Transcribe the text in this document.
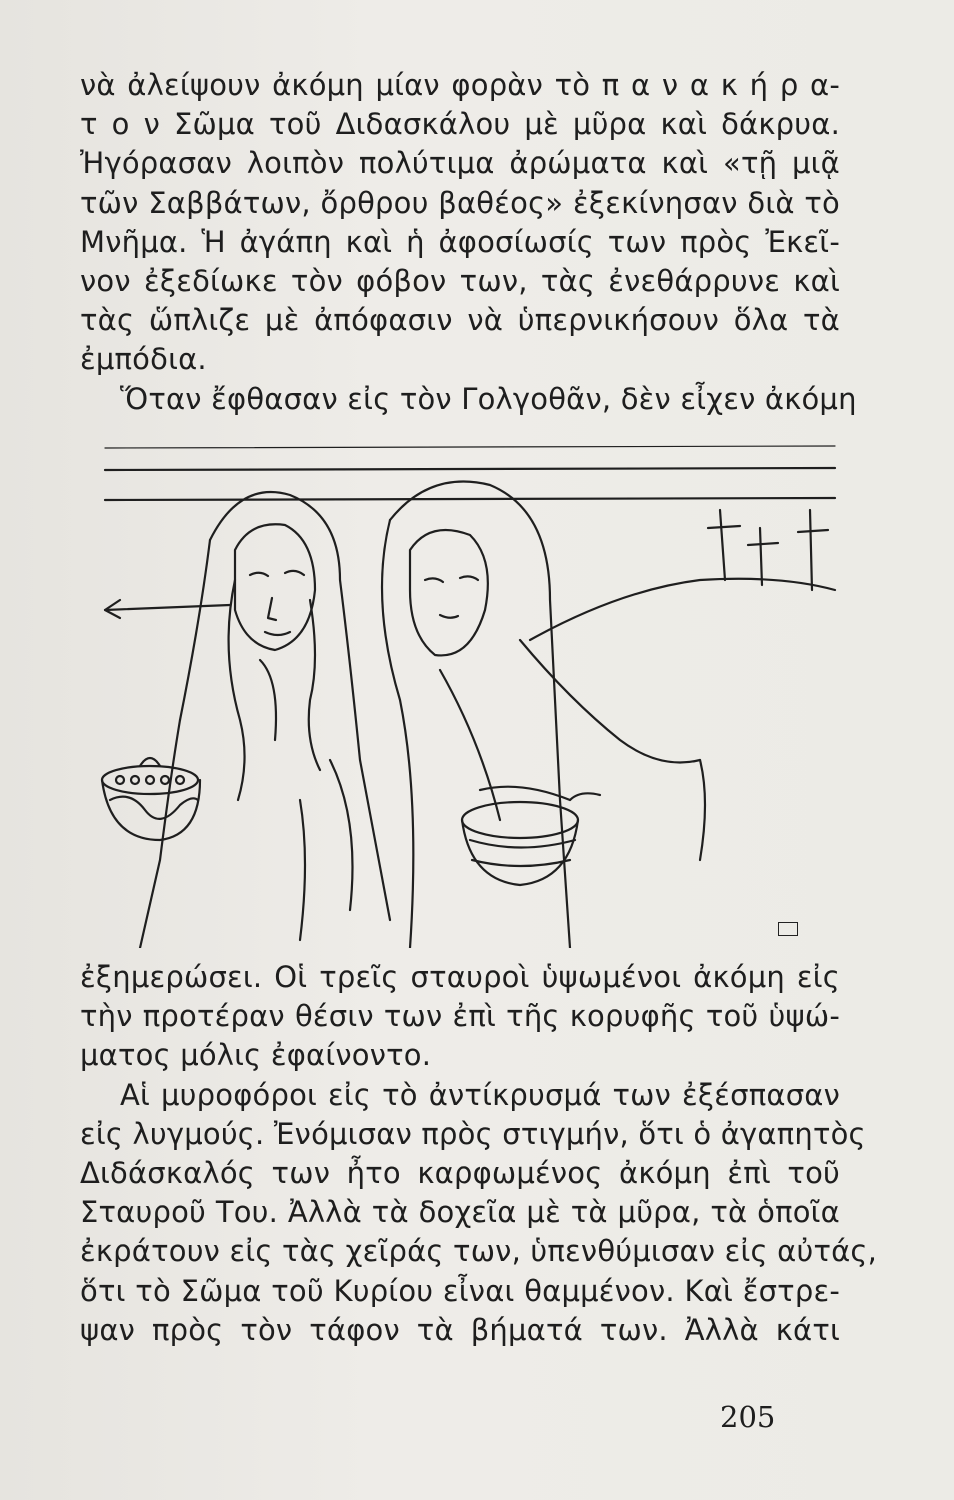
νὰ ἀλείψουν ἀκόμη μίαν φορὰν τὸ π α ν α κ ή ρ α-
τ ο ν Σῶμα τοῦ Διδασκάλου μὲ μῦρα καὶ δάκρυα.
Ἠγόρασαν λοιπὸν πολύτιμα ἀρώματα καὶ «τῇ μιᾷ
τῶν Σαββάτων, ὄρθρου βαθέος» ἐξεκίνησαν διὰ τὸ
Μνῆμα. Ἡ ἀγάπη καὶ ἡ ἀφοσίωσίς των πρὸς Ἐκεῖ-
νον ἐξεδίωκε τὸν φόβον των, τὰς ἐνεθάρρυνε καὶ
τὰς ὥπλιζε μὲ ἀπόφασιν νὰ ὑπερνικήσουν ὅλα τὰ
ἐμπόδια.
Ὅταν ἔφθασαν εἰς τὸν Γολγοθᾶν, δὲν εἶχεν ἀκόμη
ἐξημερώσει. Οἱ τρεῖς σταυροὶ ὑψωμένοι ἀκόμη εἰς
τὴν προτέραν θέσιν των ἐπὶ τῆς κορυφῆς τοῦ ὑψώ-
ματος μόλις ἐφαίνοντο.
Αἱ μυροφόροι εἰς τὸ ἀντίκρυσμά των ἐξέσπασαν
εἰς λυγμούς. Ἐνόμισαν πρὸς στιγμήν, ὅτι ὁ ἀγαπητὸς
Διδάσκαλός των ἦτο καρφωμένος ἀκόμη ἐπὶ τοῦ
Σταυροῦ Του. Ἀλλὰ τὰ δοχεῖα μὲ τὰ μῦρα, τὰ ὁποῖα
ἐκράτουν εἰς τὰς χεῖράς των, ὑπενθύμισαν εἰς αὐτάς,
ὅτι τὸ Σῶμα τοῦ Κυρίου εἶναι θαμμένον. Καὶ ἔστρε-
ψαν πρὸς τὸν τάφον τὰ βήματά των. Ἀλλὰ κάτι
205
